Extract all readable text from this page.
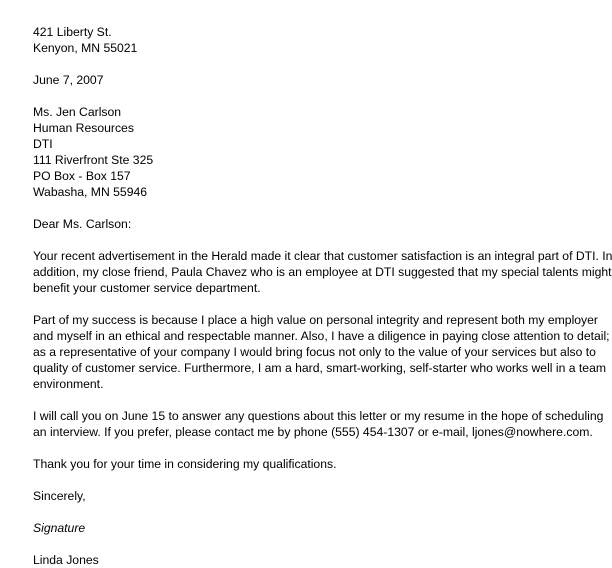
421 Liberty St.
Kenyon, MN 55021
June 7, 2007
Ms. Jen Carlson
Human Resources
DTI
111 Riverfront Ste 325
PO Box - Box 157
Wabasha, MN 55946
Dear Ms. Carlson:
Your recent advertisement in the Herald made it clear that customer satisfaction is an integral part of DTI. In
addition, my close friend, Paula Chavez who is an employee at DTI suggested that my special talents might
benefit your customer service department.
Part of my success is because I place a high value on personal integrity and represent both my employer
and myself in an ethical and respectable manner. Also, I have a diligence in paying close attention to detail;
as a representative of your company I would bring focus not only to the value of your services but also to
quality of customer service. Furthermore, I am a hard, smart-working, self-starter who works well in a team
environment.
I will call you on June 15 to answer any questions about this letter or my resume in the hope of scheduling
an interview. If you prefer, please contact me by phone (555) 454-1307 or e-mail, ljones@nowhere.com.
Thank you for your time in considering my qualifications.
Sincerely,
Signature
Linda Jones
